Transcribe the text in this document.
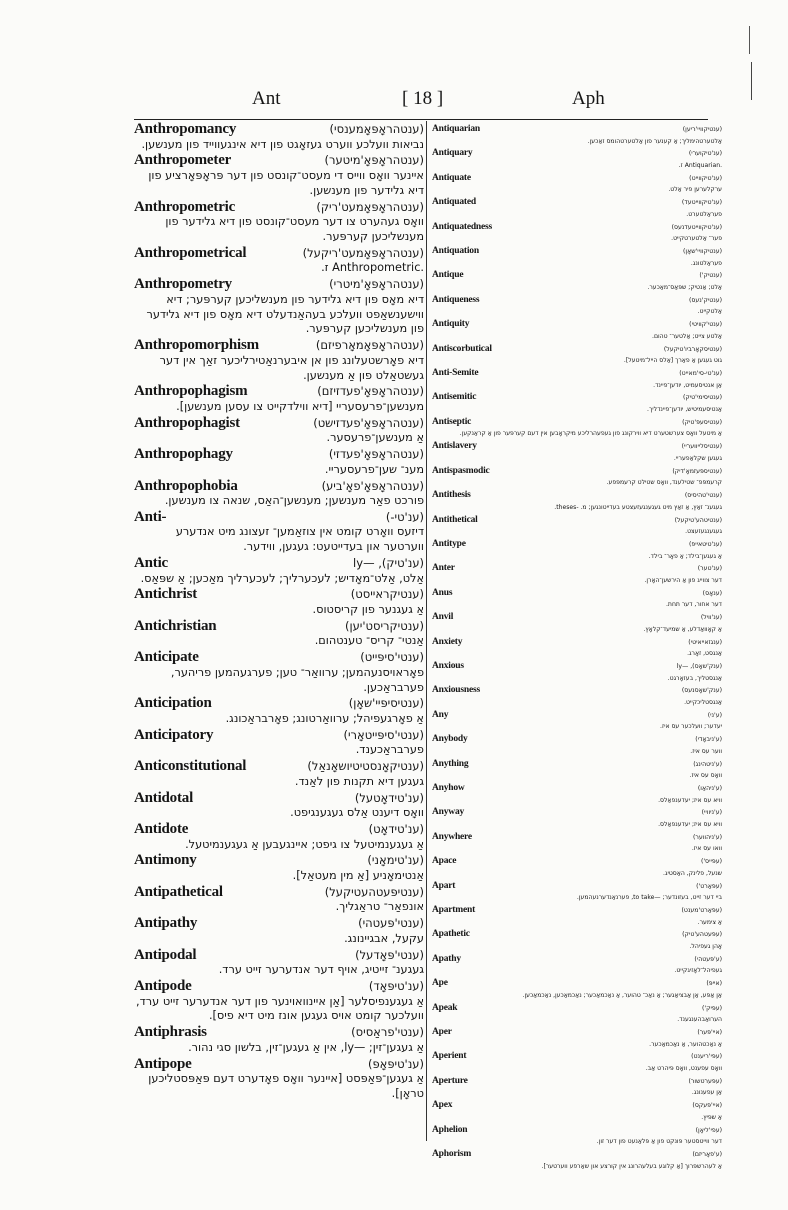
Ant	[ 18 ]	Aph
Anthropomancy	(ענטהראָפּאָמענסי)
נביאות וועלכע ווערט געזאָגט פון דיא אינגעווייד פון מענשען.
Anthropometer	(ענטהראָפּאָ'מיטער)
איינער וואָס ווייס די מעסט־קונסט פון דער פּראָפּאָרציע פון דיא גלידער פון מענשען.
Anthropometric	(ענטהראָפּאָמעט'ריק)
וואָס געהערט צו דער מעסט־קונסט פון דיא גלידער פון מענשליכען קערפּער.
Anthropometrical	(ענטהראָפּאָמעט'ריקעל)
.Anthropometric ז.
Anthropometry	(ענטהראָפּאָ'מיטרי)
דיא מאָס פון דיא גלידער פון מענשליכען קערפּער; דיא ווישענשאַפט וועלכע בעהאַנדעלט דיא מאָס פון דיא גלידער פון מענשליכען קערפּער.
Anthropomorphism	(ענטהראָפּאָמאָרפיזם)
דיא פאָרשטעלונג פון אן איבערנאַטירליכער זאַך אין דער געשטאַלט פון אַ מענשען.
Anthropophagism	(ענטהראָפּאָ'פעדזיזם)
מענשען־פרעסעריי [דיא ווילדקייט צו עסען מענשען].
Anthropophagist	(ענטהראָפּאָ'פעדזישט)
אַ מענשען־פרעסער.
Anthropophagy	(ענטהראָפּאָ'פעדזי)
מענ־ שען־פרעסעריי.
Anthropophobia	(ענטהראָפּאָ'פאָ'ביע)
פורכט פאַר מענשען; מענשען־האַס, שנאה צו מענשען.
Anti-	(ענ'טי-)
דיזעס וואָרט קומט אין צוזאַמען־ זעצונג מיט אנדערע ווערטער און בעדייטעט: געגען, ווידער.
Antic	(ענ'טיק), —ly
אַלט, אַלט־מאָדיש; לעכערליך; לעכערליך מאַכען; אַ שפּאַס.
Antichrist	(ענטיקראייסט)
אַ געגנער פון קריסטוס.
Antichristian	(ענטיקריסט'יען)
אַנטי־ קריס־ טענטהום.
Anticipate	(ענטי'סיפּייט)
פאָראויסנעהמען; ערוואַר־ טען; פערגעהמען פריהער, פערבראַכען.
Anticipation	(ענטיסיפּיי'שאָן)
אַ פאָרגעפיהל; ערוואַרטונג; פאָרבראַכונג.
Anticipatory	(ענטי'סיפּייטאָרי)
פערבראַכענד.
Anticonstitutional	(ענטיקאָנסטיטיושאָנאַל)
געגען דיא תקנות פון לאַנד.
Antidotal	(ענ'טידאָטעל)
וואָס דיענט אַלס געגענגיפט.
Antidote	(ענ'טידאָט)
אַ געגענמיטעל צו גיפט; איינגעבען אַ געגענמיטעל.
Antimony	(ענ'טימאָני)
אַנטימאָניע [אַ מין מעטאַל].
Antipathetical	(ענטיפּעטהעטיקעל)
אונפאַר־ טראַגליך.
Antipathy	(ענטי'פּעטהי)
עקעל, אבגיינונג.
Antipodal	(ענטי'פּאָדעל)
געגענ־ זייטיג, אויף דער אנדערער זייט ערד.
Antipode	(ענ'טיפּאָד)
אַ געגענפיסלער [אַן איינוואוינער פון דער אנדערער זייט ערד, וועלכער קומט אויס געגען אונז מיט דיא פיס].
Antiphrasis	(ענטי'פראַסיס)
אַ געגען־זין; —ly, אין אַ געגען־זין, בלשון סגי נהור.
Antipope	(ענ'טיפּאָפּ)
אַ געגען־פּאַפּסט [איינער וואָס פאָדערט דעם פּאַפּסטליכען טראָן].
Antiquarian	(ענטיקוויי'ריען)
אַלטערטהימליך; אַ קענער פון אַלטערטהומס זאַכען.
Antiquary	(ענ'טיקוערי)
.Antiquarian ז.
Antiquate	(ענ'טיקווייט)
ערקלערען פיר אַלט.
Antiquated	(ענ'טיקווייטעד)
פעראַלטערט.
Antiquatedness	(ענ'טיקווייטעדנעס)
פער־ אַלטערטקייט.
Antiquation	(ענטיקוויי'שאָן)
פעראַלטונג.
Antique	(ענטיק')
אַלט; אַנטיק; שפּאַס־מאַכער.
Antiqueness	(ענטיק'נעס)
אַלטקייט.
Antiquity	(ענטי'קוויטי)
אַלטע צייט; אַלטער־ טהום.
Antiscorbutical	(ענטיסקאָרביו'טיקעל)
גוט געגען אַ פאַרך [אַלס הייל־מיטעל].
Anti-Semite	(ענ'טי-סי'מאייט)
אַן אנטיסעמיט, יודען־פיינד.
Antisemitic	(ענטיסימי'טיק)
אַנטיסעמיטיש, יודען־פיינדליך.
Antiseptic	(ענטיסעפּ'טיק)
אַ מיטעל וואָס צערשטערט דיא ווירקונג פון געפעהרליכע מיקראָבען אין דעם קערפּער פון אַ קראַנקען.
Antislavery	(ענטיסלייוועריי)
געגען שקלאַפעריי.
Antispasmodic	(ענטיספּעזמאָ'דיק)
קרעמפּפ־ שטילענד, וואָס שטילט קרעמפּפע.
Antithesis	(ענטי'טהיסיס)
געגענ־ זאַץ, אַ זאַץ מיט געגענגעזעצטע בעדייטונגען; מ. -theses.
Antithetical	(ענטיטהע'טיקעל)
געגענגעזעצט.
Antitype	(ענ'טיטאייפ)
אַ געגען־בילד; אַ פאָר־ בילד.
Anter	(ענ'טער)
דער צווייג פון אַ הירשען־האָרן.
Anus	(ענאָס)
דער אחור, דער תחת.
Anvil	(ענ'וויל)
אַ קאָוואַדלע, אַ שמיעד־קלאָץ.
Anxiety	(ענגזאייאיטי)
אַנגסט, זאָרג.
Anxious	(ענק'שאָס), —ly
אַנגסטליך, בעזאָרגט.
Anxiousness	(ענק'שאָסנעס)
אַנגסטליכקייט.
Any	(ע'ני)
יעדער; וועלכער עס איז.
Anybody	(ע'ניבאָדי)
ווער עס איז.
Anything	(ע'ניטהינג)
וואָס עס איז.
Anyhow	(ע'ניהאַו)
וויא עס איז; יעדענפאַלס.
Anyway	(ע'ניוויי)
וויא עס איז; יעדענפאַלס.
Anywhere	(ע'ניהווער)
וואו עס איז.
Apace	(עפּייס')
שנעל, פלינק, האַסטיג.
Apart	(עפּאַרט')
ביי דער זייט, בעזונדער; —to take, פערנאַנדערנעהמען.
Apartment	(עפּאַרט'מענט)
אַ צימער.
Apathetic	(עפּעטהע'טיק)
אָהן געפיהל.
Apathy	(ע'פּעטהי)
געפיהל־לאָזיגקייט.
Ape	(אייפּ)
אַן אַפּע, אַן אַבציאַגער; אַ נאַכ־ טהוער, אַ נאַכמאַכער; נאַכמאַכען, נאַכמאַכען.
Apeak	(עפּיק')
הערואַבהענגענד.
Aper	(איי'פּער)
אַ נאַכטהוער, אַ נאַכמאַכער.
Aperient	(עפּי'ריענט)
וואָס עפענט, וואָס פּיהרט אַב.
Aperture	(עפּערטשור)
אַן עפענונג.
Apex	(איי'פּעקס)
אַ שפּיץ.
Aphelion	(עפי'ליאָן)
דער ווייטסטער פּונקט פון אַ פּלאַנעט פון דער זון.
Aphorism	(ע'פאָריזם)
אַ לעהרשפּרוך [אַ קלוגע בעלעהרונג אין קורצע און שאַרפע ווערטער].
